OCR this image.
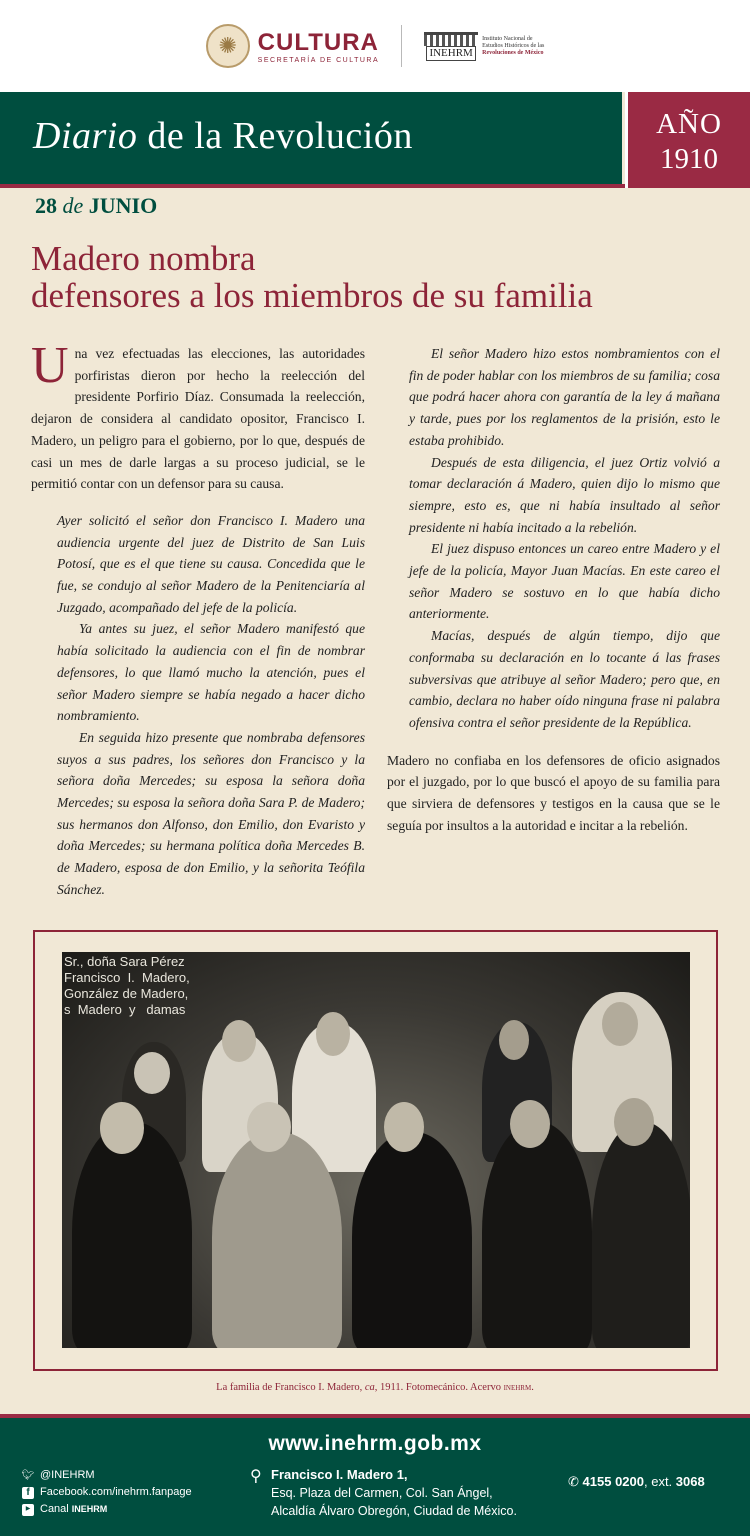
✺ CULTURA
SECRETARÍA DE CULTURA
INEHRM
Instituto Nacional de
Estudios Históricos de las
Revoluciones de México
Diario de la Revolución	AÑO
1910
28 de JUNIO
Madero nombra
defensores a los miembros de su familia

Una vez efectuadas las elecciones, las autoridades porfiristas dieron por hecho la reelección del presidente Porfirio Díaz. Consumada la reelección, dejaron de considera al candidato opositor, Francisco I. Madero, un peligro para el gobierno, por lo que, después de casi un mes de darle largas a su proceso judicial, se le permitió contar con un defensor para su causa.

Ayer solicitó el señor don Francisco I. Madero una audiencia urgente del juez de Distrito de San Luis Potosí, que es el que tiene su causa. Concedida que le fue, se condujo al señor Madero de la Penitenciaría al Juzgado, acompañado del jefe de la policía.

Ya antes su juez, el señor Madero manifestó que había solicitado la audiencia con el fin de nombrar defensores, lo que llamó mucho la atención, pues el señor Madero siempre se había negado a hacer dicho nombramiento.

En seguida hizo presente que nombraba defensores suyos a sus padres, los señores don Francisco y la señora doña Mercedes; su esposa la señora doña Mercedes; su esposa la señora doña Sara P. de Madero; sus hermanos don Alfonso, don Emilio, don Evaristo y doña Mercedes; su hermana política doña Mercedes B. de Madero, esposa de don Emilio, y la señorita Teófila Sánchez.

El señor Madero hizo estos nombramientos con el fin de poder hablar con los miembros de su familia; cosa que podrá hacer ahora con garantía de la ley á mañana y tarde, pues por los reglamentos de la prisión, esto le estaba prohibido.

Después de esta diligencia, el juez Ortiz volvió a tomar declaración á Madero, quien dijo lo mismo que siempre, esto es, que ni había insultado al señor presidente ni había incitado a la rebelión.

El juez dispuso entonces un careo entre Madero y el jefe de la policía, Mayor Juan Macías. En este careo el señor Madero se sostuvo en lo que había dicho anteriormente.

Macías, después de algún tiempo, dijo que conformaba su declaración en lo tocante á las frases subversivas que atribuye al señor Madero; pero que, en cambio, declara no haber oído ninguna frase ni palabra ofensiva contra el señor presidente de la República.

Madero no confiaba en los defensores de oficio asignados por el juzgado, por lo que buscó el apoyo de su familia para que sirviera de defensores y testigos en la causa que se le seguía por insultos a la autoridad e incitar a la rebelión.

Sr., doña Sara Pérez
Francisco  I.  Madero,
González de Madero,
s  Madero  y   damas
La familia de Francisco I. Madero, ca, 1911. Fotomecánico. Acervo inehrm.
www.inehrm.gob.mx
🐦︎ @INEHRM
f Facebook.com/inehrm.fanpage
▶ Canal INEHRM
⚲ Francisco I. Madero 1,
Esq. Plaza del Carmen, Col. San Ángel,
Alcaldía Álvaro Obregón, Ciudad de México.
✆ 4155 0200, ext. 3068
